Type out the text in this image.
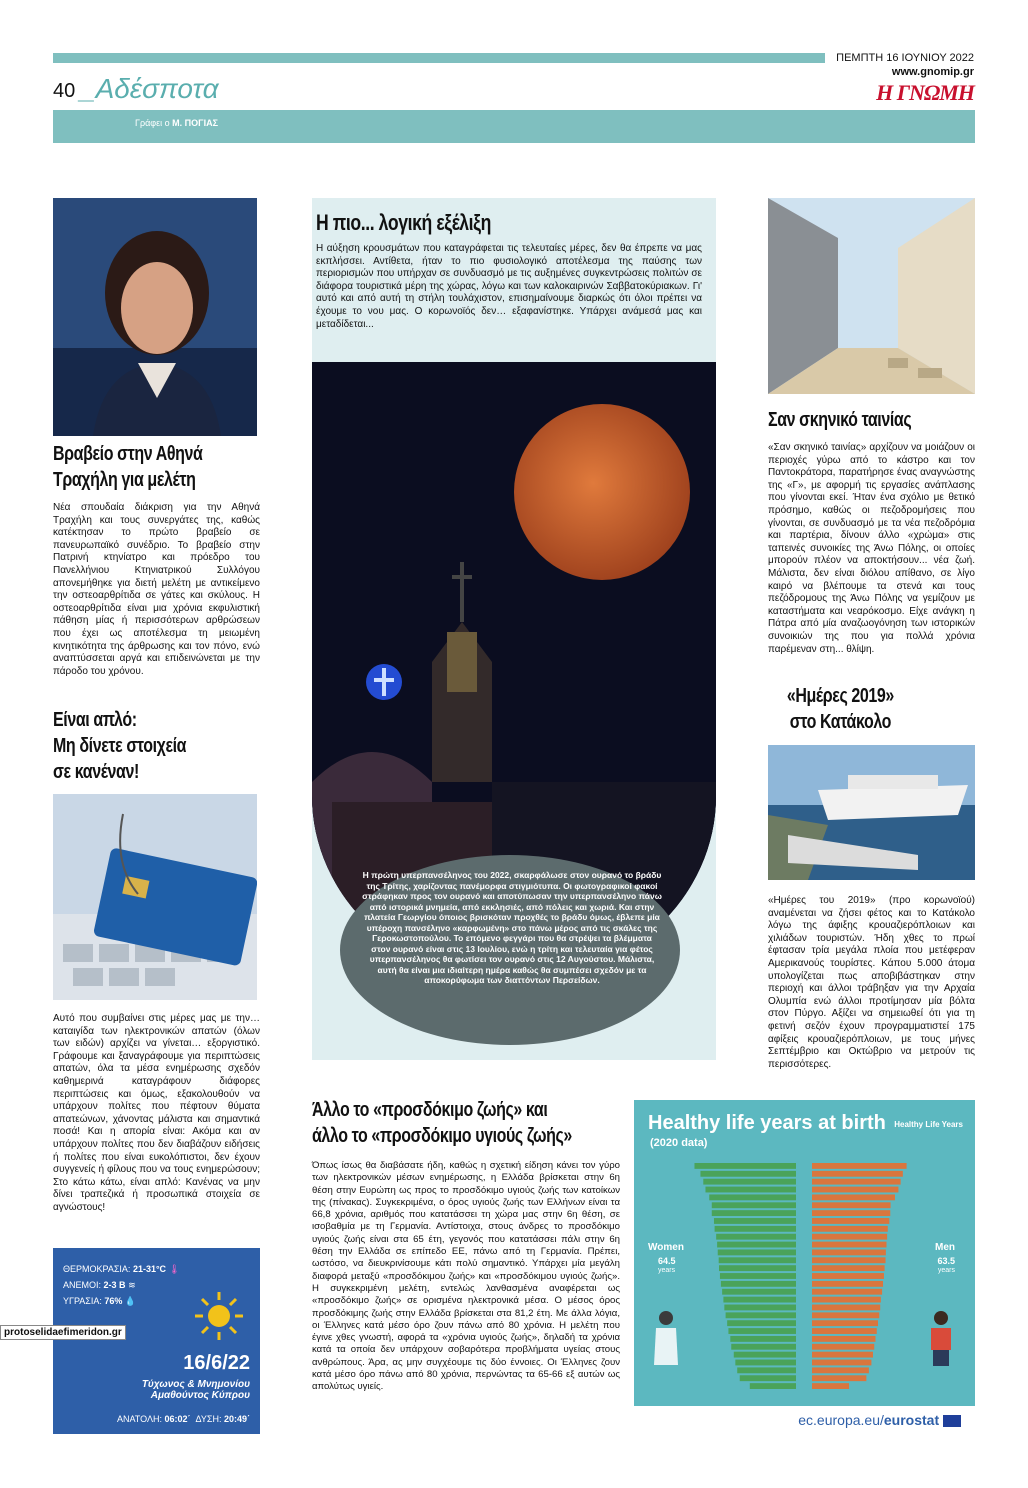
ΠΕΜΠΤΗ 16 ΙΟΥΝΙΟΥ 2022
www.gnomip.gr
Η ΓΝΩΜΗ
40 _Αδέσποτα
Γράφει ο Μ. ΠΟΓΙΑΣ
Βραβείο στην Αθηνά
Τραχήλη για μελέτη
Νέα σπουδαία διάκριση για την Αθηνά Τραχήλη και τους συνεργάτες της, καθώς κατέκτησαν το πρώτο βραβείο σε πανευρωπαϊκό συνέδριο. Το βραβείο στην Πατρινή κτηνίατρο και πρόεδρο του Πανελλήνιου Κτηνιατρικού Συλλόγου απονεμήθηκε για διετή μελέτη με αντικείμενο την οστεοαρθρίτιδα σε γάτες και σκύλους. Η οστεοαρθρίτιδα είναι μια χρόνια εκφυλιστική πάθηση μίας ή περισσότερων αρθρώσεων που έχει ως αποτέλεσμα τη μειωμένη κινητικότητα της άρθρωσης και τον πόνο, ενώ αναπτύσσεται αργά και επιδεινώνεται με την πάροδο του χρόνου.
Είναι απλό:
Μη δίνετε στοιχεία
σε κανέναν!
Αυτό που συμβαίνει στις μέρες μας με την… καταιγίδα των ηλεκτρονικών απατών (όλων των ειδών) αρχίζει να γίνεται… εξοργιστικό. Γράφουμε και ξαναγράφουμε για περιπτώσεις απατών, όλα τα μέσα ενημέρωσης σχεδόν καθημερινά καταγράφουν διάφορες περιπτώσεις και όμως, εξακολουθούν να υπάρχουν πολίτες που πέφτουν θύματα απατεώνων, χάνοντας μάλιστα και σημαντικά ποσά! Και η απορία είναι: Ακόμα και αν υπάρχουν πολίτες που δεν διαβάζουν ειδήσεις ή πολίτες που είναι ευκολόπιστοι, δεν έχουν συγγενείς ή φίλους που να τους ενημερώσουν; Στο κάτω κάτω, είναι απλό: Κανένας να μην δίνει τραπεζικά ή προσωπικά στοιχεία σε αγνώστους!
ΘΕΡΜΟΚΡΑΣΙΑ: 21-31°C 🌡
ΑΝΕΜΟΙ: 2-3 Β ≋
ΥΓΡΑΣΙΑ: 76% 💧
16/6/22
Τύχωνος & Μνημονίου
Αμαθούντος Κύπρου
ΑΝΑΤΟΛΗ: 06:02΄ ΔΥΣΗ: 20:49΄
protoselidaefimeridon.gr
Η πιο... λογική εξέλιξη
Η αύξηση κρουσμάτων που καταγράφεται τις τελευταίες μέρες, δεν θα έπρεπε να μας εκπλήσσει. Αντίθετα, ήταν το πιο φυσιολογικό αποτέλεσμα της παύσης των περιορισμών που υπήρχαν σε συνδυασμό με τις αυξημένες συγκεντρώσεις πολιτών σε διάφορα τουριστικά μέρη της χώρας, λόγω και των καλοκαιρινών Σαββατοκύριακων. Γι' αυτό και από αυτή τη στήλη τουλάχιστον, επισημαίνουμε διαρκώς ότι όλοι πρέπει να έχουμε το νου μας. Ο κορωνοϊός δεν… εξαφανίστηκε. Υπάρχει ανάμεσά μας και μεταδίδεται...
Η πρώτη υπερπανσέληνος του 2022, σκαρφάλωσε στον ουρανό το βράδυ της Τρίτης, χαρίζοντας πανέμορφα στιγμιότυπα. Οι φωτογραφικοί φακοί στράφηκαν προς τον ουρανό και αποτύπωσαν την υπερπανσέληνο πάνω από ιστορικά μνημεία, από εκκλησιές, από πόλεις και χωριά. Και στην πλατεία Γεωργίου όποιος βρισκόταν προχθές το βράδυ όμως, έβλεπε μία υπέροχη πανσέληνο «καρφωμένη» στο πάνω μέρος από τις σκάλες της Γεροκωστοπούλου. Το επόμενο φεγγάρι που θα στρέψει τα βλέμματα στον ουρανό είναι στις 13 Ιουλίου, ενώ η τρίτη και τελευταία για φέτος υπερπανσέληνος θα φωτίσει τον ουρανό στις 12 Αυγούστου. Μάλιστα, αυτή θα είναι μια ιδιαίτερη ημέρα καθώς θα συμπέσει σχεδόν με τα αποκορύφωμα των διαττόντων Περσείδων.
Σαν σκηνικό ταινίας
«Σαν σκηνικό ταινίας» αρχίζουν να μοιάζουν οι περιοχές γύρω από το κάστρο και τον Παντοκράτορα, παρατήρησε ένας αναγνώστης της «Γ», με αφορμή τις εργασίες ανάπλασης που γίνονται εκεί. Ήταν ένα σχόλιο με θετικό πρόσημο, καθώς οι πεζοδρομήσεις που γίνονται, σε συνδυασμό με τα νέα πεζοδρόμια και παρτέρια, δίνουν άλλο «χρώμα» στις ταπεινές συνοικίες της Άνω Πόλης, οι οποίες μπορούν πλέον να αποκτήσουν... νέα ζωή. Μάλιστα, δεν είναι διόλου απίθανο, σε λίγο καιρό να βλέπουμε τα στενά και τους πεζόδρομους της Άνω Πόλης να γεμίζουν με καταστήματα και νεαρόκοσμο. Είχε ανάγκη η Πάτρα από μία αναζωογόνηση των ιστορικών συνοικιών της που για πολλά χρόνια παρέμεναν στη... θλίψη.
«Ημέρες 2019»
στο Κατάκολο
«Ημέρες του 2019» (προ κορωνοϊού) αναμένεται να ζήσει φέτος και το Κατάκολο λόγω της άφιξης κρουαζιερόπλοιων και χιλιάδων τουριστών. Ήδη χθες το πρωί έφτασαν τρία μεγάλα πλοία που μετέφεραν Αμερικανούς τουρίστες. Κάπου 5.000 άτομα υπολογίζεται πως αποβιβάστηκαν στην περιοχή και άλλοι τράβηξαν για την Αρχαία Ολυμπία ενώ άλλοι προτίμησαν μία βόλτα στον Πύργο. Αξίζει να σημειωθεί ότι για τη φετινή σεζόν έχουν προγραμματιστεί 175 αφίξεις κρουαζιερόπλοιων, με τους μήνες Σεπτέμβριο και Οκτώβριο να μετρούν τις περισσότερες.
Άλλο το «προσδόκιμο ζωής» και
άλλο το «προσδόκιμο υγιούς ζωής»
Όπως ίσως θα διαβάσατε ήδη, καθώς η σχετική είδηση κάνει τον γύρο των ηλεκτρονικών μέσων ενημέρωσης, η Ελλάδα βρίσκεται στην 6η θέση στην Ευρώπη ως προς το προσδόκιμο υγιούς ζωής των κατοίκων της (πίνακας). Συγκεκριμένα, ο όρος υγιούς ζωής των Ελλήνων είναι τα 66,8 χρόνια, αριθμός που κατατάσσει τη χώρα μας στην 6η θέση, σε ισοβαθμία με τη Γερμανία. Αντίστοιχα, στους άνδρες το προσδόκιμο υγιούς ζωής είναι στα 65 έτη, γεγονός που κατατάσσει πάλι στην 6η θέση την Ελλάδα σε επίπεδο ΕΕ, πάνω από τη Γερμανία. Πρέπει, ωστόσο, να διευκρινίσουμε κάτι πολύ σημαντικό. Υπάρχει μία μεγάλη διαφορά μεταξύ «προσδόκιμου ζωής» και «προσδόκιμου υγιούς ζωής». Η συγκεκριμένη μελέτη, εντελώς λανθασμένα αναφέρεται ως «προσδόκιμο ζωής» σε ορισμένα ηλεκτρονικά μέσα. Ο μέσος όρος προσδόκιμης ζωής στην Ελλάδα βρίσκεται στα 81,2 έτη. Με άλλα λόγια, οι Έλληνες κατά μέσο όρο ζουν πάνω από 80 χρόνια. Η μελέτη που έγινε χθες γνωστή, αφορά τα «χρόνια υγιούς ζωής», δηλαδή τα χρόνια κατά τα οποία δεν υπάρχουν σοβαρότερα προβλήματα υγείας στους ανθρώπους. Άρα, ας μην συγχέουμε τις δύο έννοιες. Οι Έλληνες ζουν κατά μέσο όρο πάνω από 80 χρόνια, περνώντας τα 65-66 εξ αυτών ως απολύτως υγιείς.
Healthy life years at birth
(2020 data)
Healthy Life Years
Women
64.5
years
Men
63.5
years
ec.europa.eu/eurostat
